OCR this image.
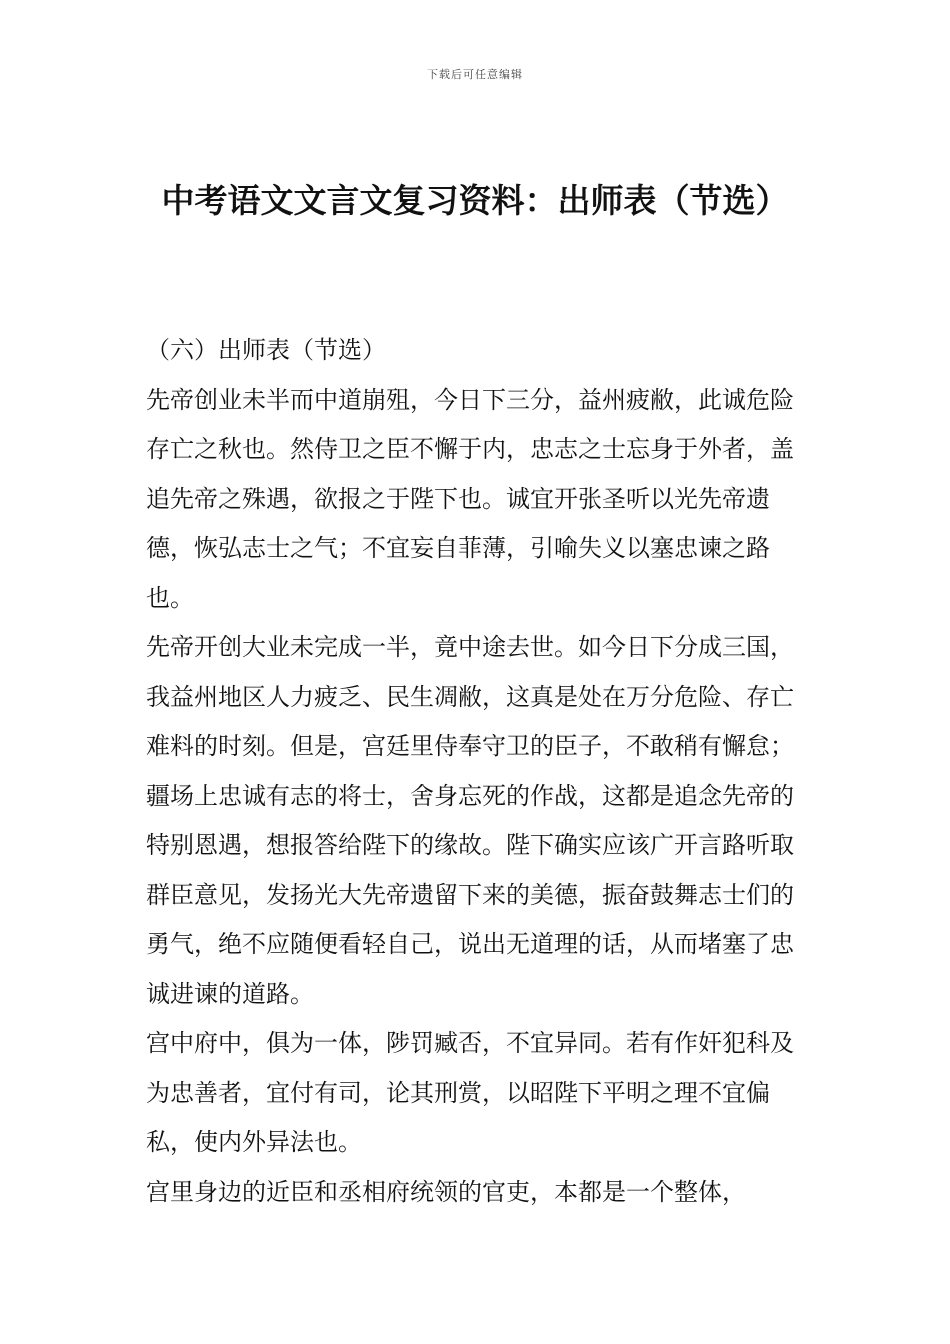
下载后可任意编辑
中考语文文言文复习资料：出师表（节选）

（六）出师表（节选）

先帝创业未半而中道崩殂，今日下三分，益州疲敝，此诚危险存亡之秋也。然侍卫之臣不懈于内，忠志之士忘身于外者，盖追先帝之殊遇，欲报之于陛下也。诚宜开张圣听以光先帝遗德，恢弘志士之气；不宜妄自菲薄，引喻失义以塞忠谏之路也。

先帝开创大业未完成一半，竟中途去世。如今日下分成三国，我益州地区人力疲乏、民生凋敝，这真是处在万分危险、存亡难料的时刻。但是，宫廷里侍奉守卫的臣子，不敢稍有懈怠；疆场上忠诚有志的将士，舍身忘死的作战，这都是追念先帝的特别恩遇，想报答给陛下的缘故。陛下确实应该广开言路听取群臣意见，发扬光大先帝遗留下来的美德，振奋鼓舞志士们的勇气，绝不应随便看轻自己，说出无道理的话，从而堵塞了忠诚进谏的道路。

宫中府中，俱为一体，陟罚臧否，不宜异同。若有作奸犯科及为忠善者，宜付有司，论其刑赏，以昭陛下平明之理不宜偏私，使内外异法也。

宫里身边的近臣和丞相府统领的官吏，本都是一个整体，
